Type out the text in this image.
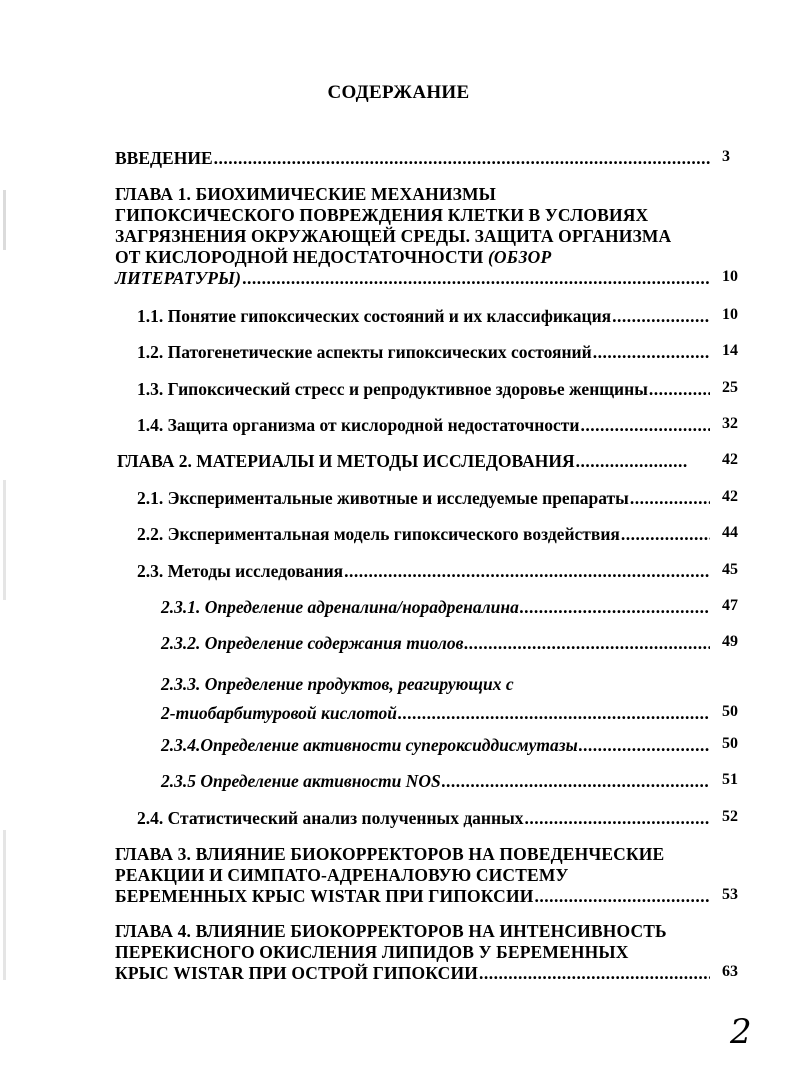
СОДЕРЖАНИЕ
ВВЕДЕНИЕ .....	3
ГЛАВА 1. БИОХИМИЧЕСКИЕ МЕХАНИЗМЫ
ГИПОКСИЧЕСКОГО ПОВРЕЖДЕНИЯ КЛЕТКИ В УСЛОВИЯХ
ЗАГРЯЗНЕНИЯ ОКРУЖАЮЩЕЙ СРЕДЫ. ЗАЩИТА ОРГАНИЗМА
ОТ КИСЛОРОДНОЙ НЕДОСТАТОЧНОСТИ (ОБЗОР
ЛИТЕРАТУРЫ) .....	10
1.1. Понятие гипоксических состояний и их классификация .....	10
1.2. Патогенетические аспекты гипоксических состояний .....	14
1.3. Гипоксический стресс и репродуктивное здоровье женщины .....	25
1.4. Защита организма от кислородной недостаточности .....	32
ГЛАВА 2. МАТЕРИАЛЫ И МЕТОДЫ ИССЛЕДОВАНИЯ .....	42
2.1. Экспериментальные животные и исследуемые препараты .....	42
2.2. Экспериментальная модель гипоксического воздействия .....	44
2.3. Методы исследования .....	45
2.3.1. Определение адреналина/норадреналина .....	47
2.3.2. Определение содержания тиолов .....	49
2.3.3. Определение продуктов, реагирующих с
2-тиобарбитуровой кислотой .....	50
2.3.4.Определение активности супероксиддисмутазы .....	50
2.3.5 Определение активности NOS .....	51
2.4. Статистический анализ полученных данных .....	52
ГЛАВА 3. ВЛИЯНИЕ БИОКОРРЕКТОРОВ НА ПОВЕДЕНЧЕСКИЕ
РЕАКЦИИ И СИМПАТО-АДРЕНАЛОВУЮ СИСТЕМУ
БЕРЕМЕННЫХ КРЫС WISTAR ПРИ ГИПОКСИИ .....	53
ГЛАВА 4. ВЛИЯНИЕ БИОКОРРЕКТОРОВ НА ИНТЕНСИВНОСТЬ
ПЕРЕКИСНОГО ОКИСЛЕНИЯ ЛИПИДОВ У БЕРЕМЕННЫХ
КРЫС WISTAR ПРИ ОСТРОЙ ГИПОКСИИ .....	63
2
